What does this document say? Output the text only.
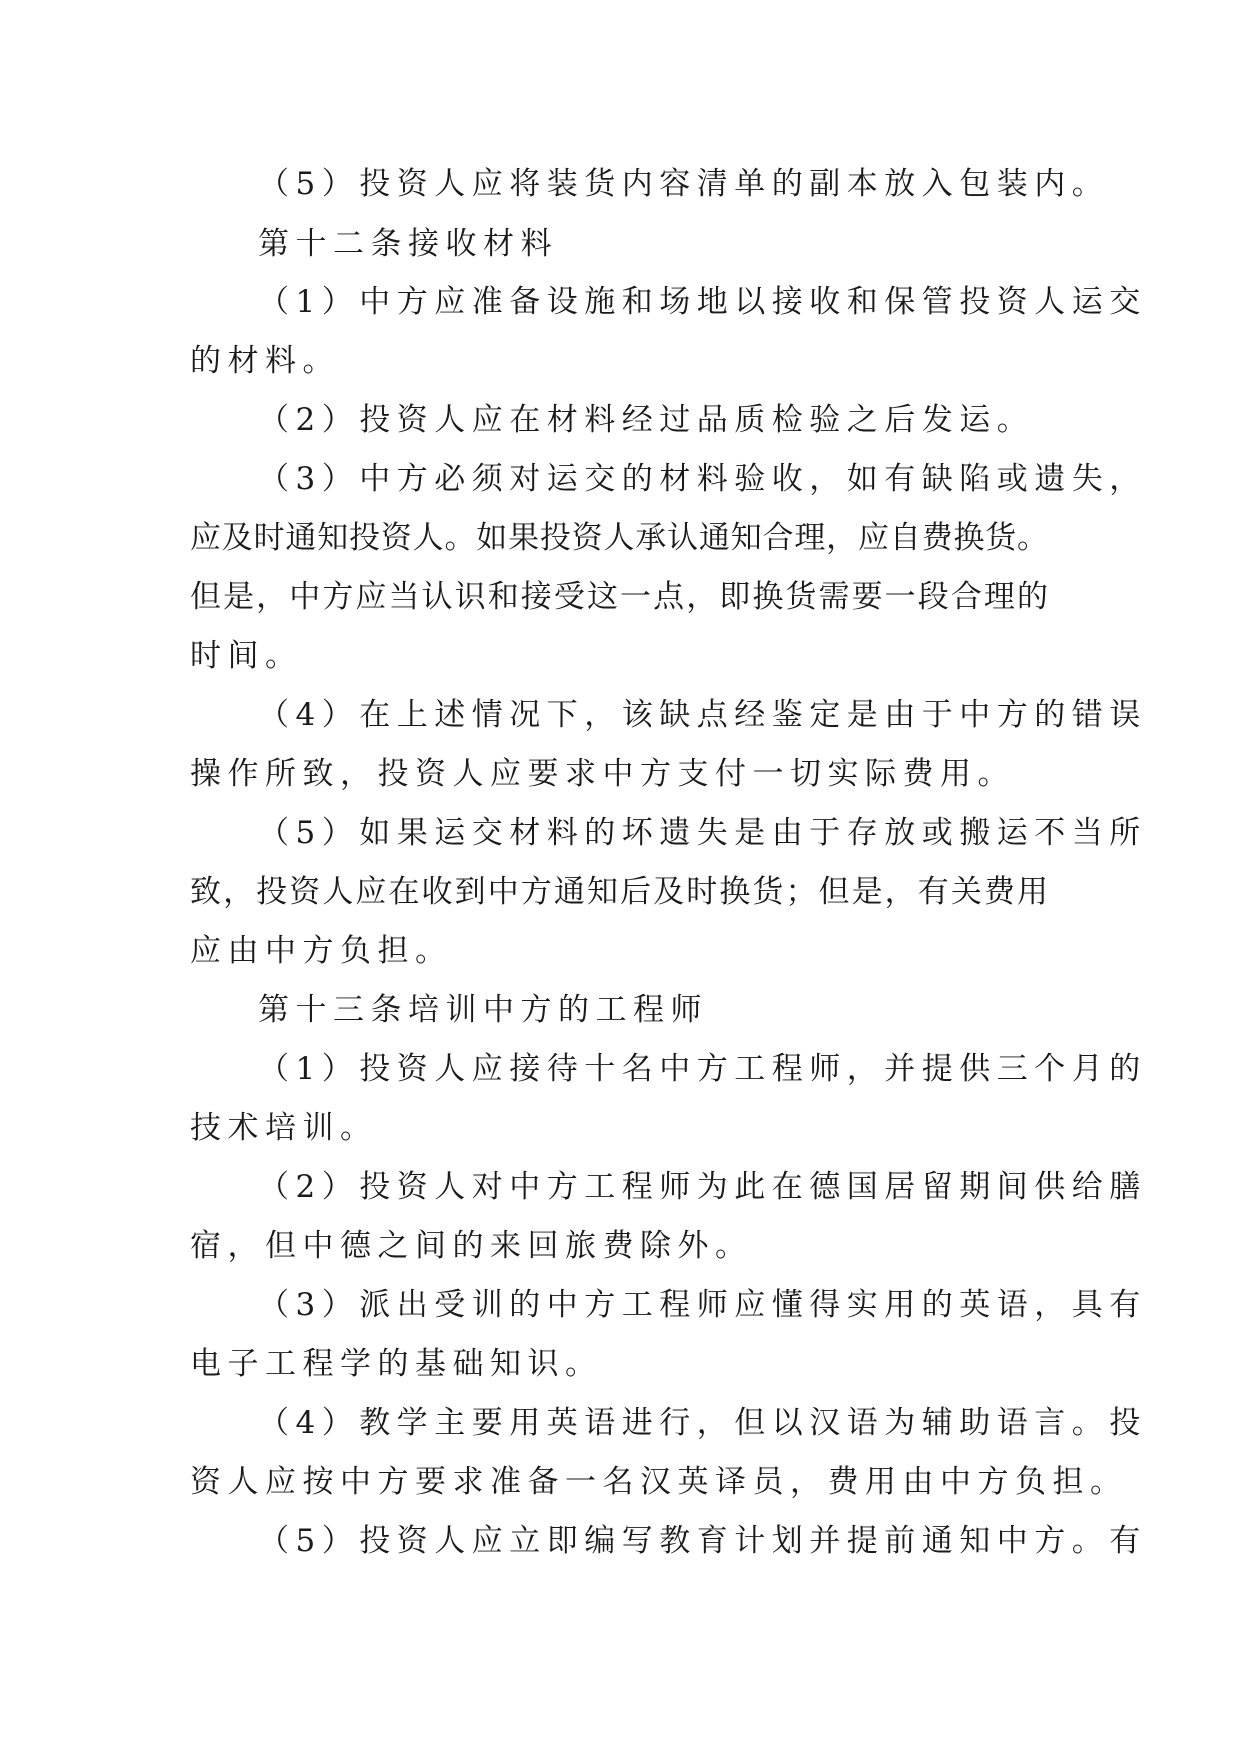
（5）投资人应将装货内容清单的副本放入包装内。
第十二条接收材料
（1）中方应准备设施和场地以接收和保管投资人运交
的材料。
（2）投资人应在材料经过品质检验之后发运。
（3）中方必须对运交的材料验收，如有缺陷或遗失，
应及时通知投资人。如果投资人承认通知合理，应自费换货。
但是，中方应当认识和接受这一点，即换货需要一段合理的
时间。
（4）在上述情况下，该缺点经鉴定是由于中方的错误
操作所致，投资人应要求中方支付一切实际费用。
（5）如果运交材料的坏遗失是由于存放或搬运不当所
致，投资人应在收到中方通知后及时换货；但是，有关费用
应由中方负担。
第十三条培训中方的工程师
（1）投资人应接待十名中方工程师，并提供三个月的
技术培训。
（2）投资人对中方工程师为此在德国居留期间供给膳
宿，但中德之间的来回旅费除外。
（3）派出受训的中方工程师应懂得实用的英语，具有
电子工程学的基础知识。
（4）教学主要用英语进行，但以汉语为辅助语言。投
资人应按中方要求准备一名汉英译员，费用由中方负担。
（5）投资人应立即编写教育计划并提前通知中方。有
